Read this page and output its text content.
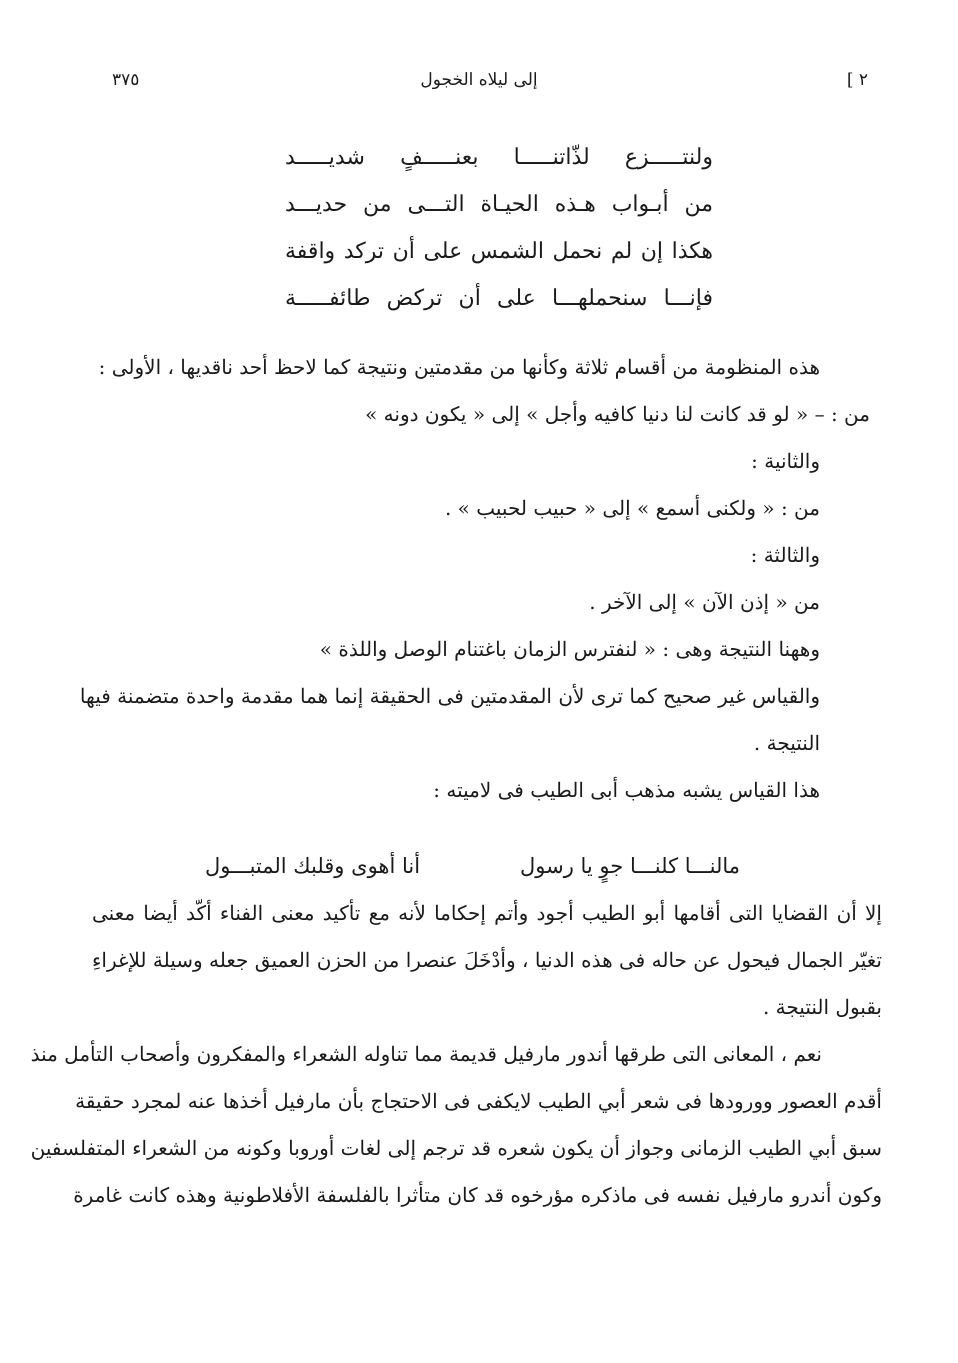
٣٧٥	إلى ليلاه الخجول	[ ٢
ولنتـــــزع لذّاتنـــــا بعنـــــفٍ شديـــــد
من أبـواب هـذه الحيـاة التـــى من حديـــد
هكذا إن لم نحمل الشمس على أن تركد واقفة
فإنـــا سنحملهـــا على أن تركض طائفـــــة
هذه المنظومة من أقسام ثلاثة وكأنها من مقدمتين ونتيجة كما لاحظ أحد ناقديها ، الأولى :
من : – « لو قد كانت لنا دنيا كافيه وأجل » إلى « يكون دونه »
والثانية :
من : « ولكنى أسمع » إلى « حبيب لحبيب » .
والثالثة :
من « إذن الآن » إلى الآخر .
وههنا النتيجة وهى : « لنفترس الزمان باغتنام الوصل واللذة »
والقياس غير صحيح كما ترى لأن المقدمتين فى الحقيقة إنما هما مقدمة واحدة متضمنة فيها
النتيجة .
هذا القياس يشبه مذهب أبى الطيب فى لاميته :
مالنـــا كلنـــا جوٍ يا رسول
أنا أهوى وقلبك المتبـــول
إلا أن القضايا التى أقامها أبو الطيب أجود وأتم إحكاما لأنه مع تأكيد معنى الفناء أكّد أيضا معنى
تغيّر الجمال فيحول عن حاله فى هذه الدنيا ، وأدْخَلَ عنصرا من الحزن العميق جعله وسيلة للإغراءِ
بقبول النتيجة .
نعم ، المعانى التى طرقها أندور مارفيل قديمة مما تناوله الشعراء والمفكرون وأصحاب التأمل منذ
أقدم العصور وورودها فى شعر أبي الطيب لايكفى فى الاحتجاج بأن مارفيل أخذها عنه لمجرد حقيقة
سبق أبي الطيب الزمانى وجواز أن يكون شعره قد ترجم إلى لغات أوروبا وكونه من الشعراء المتفلسفين
وكون أندرو مارفيل نفسه فى ماذكره مؤرخوه قد كان متأثرا بالفلسفة الأفلاطونية وهذه كانت غامرة
